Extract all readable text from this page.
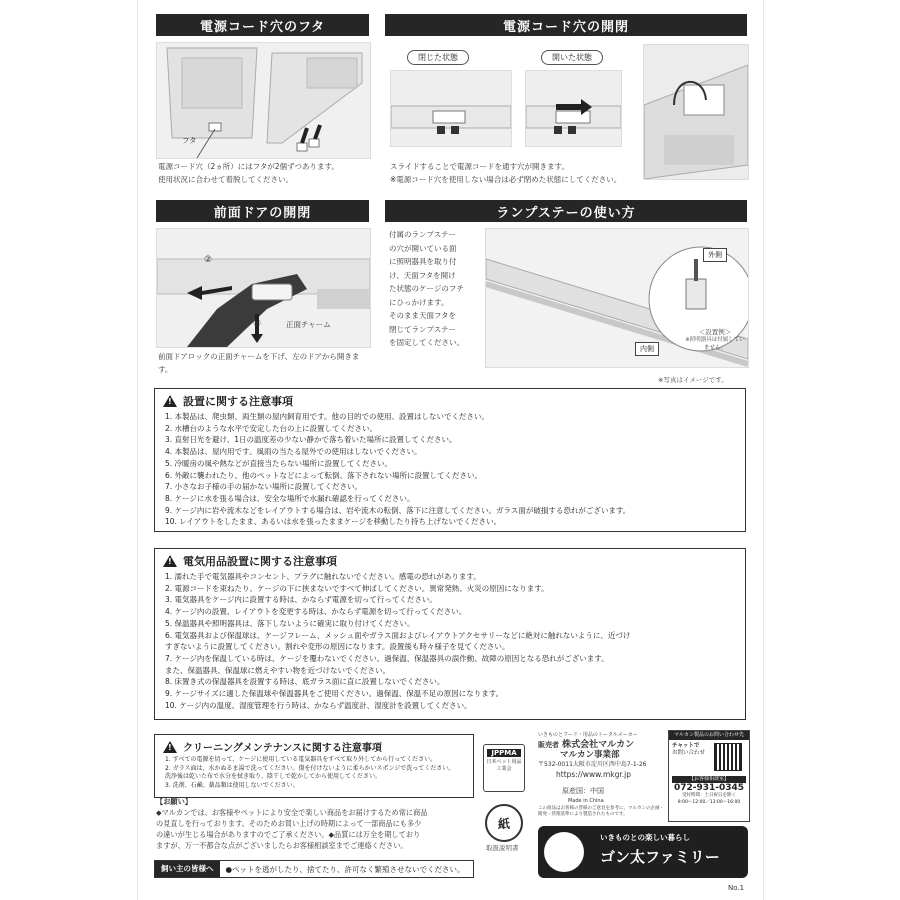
電源コード穴のフタ
フタ
電源コード穴（2ヵ所）にはフタが2個ずつあります。
使用状況に合わせて着脱してください。
電源コード穴の開閉
閉じた状態	開いた状態
スライドすることで電源コードを通す穴が開きます。
※電源コード穴を使用しない場合は必ず閉めた状態にしてください。
前面ドアの開閉
②
①	正面チャーム
前面ドアロックの正面チャームを下げ、左のドアから開きます。
ランプステーの使い方
付属のランプステー
の穴が開いている面
に照明器具を取り付
け、天面フタを開け
た状態のケージのフチ
にひっかけます。
そのまま天面フタを
閉じてランプステー
を固定してください。
外側
内側
＜設置例＞
※照明器具は付属していません。
※写真はイメージです。
!
設置に関する注意事項
1. 本製品は、爬虫類、両生類の屋内飼育用です。他の目的での使用、設置はしないでください。
2. 水槽台のような水平で安定した台の上に設置してください。
3. 直射日光を避け、1日の温度差の少ない静かで落ち着いた場所に設置してください。
4. 本製品は、屋内用です。風雨の当たる屋外での使用はしないでください。
5. 冷暖房の風や熱などが直接当たらない場所に設置してください。
6. 外敵に襲われたり、他のペットなどによって転倒、落下されない場所に設置してください。
7. 小さなお子様の手の届かない場所に設置してください。
8. ケージに水を張る場合は、安全な場所で水漏れ確認を行ってください。
9. ケージ内に岩や流木などをレイアウトする場合は、岩や流木の転倒、落下に注意してください。ガラス面が破損する恐れがございます。
10. レイアウトをしたまま、あるいは水を張ったままケージを移動したり持ち上げないでください。
!
電気用品設置に関する注意事項
1. 濡れた手で電気器具やコンセント、プラグに触れないでください。感電の恐れがあります。
2. 電源コードを束ねたり、ケージの下に挟まないですべて伸ばしてください。異常発熱、火災の原因になります。
3. 電気器具をケージ内に設置する時は、かならず電源を切って行ってください。
4. ケージ内の設置、レイアウトを変更する時は、かならず電源を切って行ってください。
5. 保温器具や照明器具は、落下しないように確実に取り付けてください。
6. 電気器具および保温球は、ケージフレーム、メッシュ面やガラス面およびレイアウトアクセサリーなどに絶対に触れないように、近づけ
すぎないように設置してください。割れや変形の原因になります。設置後も時々様子を見てください。
7. ケージ内を保温している時は、ケージを覆わないでください。過保温、保温器具の誤作動、故障の原因となる恐れがございます。
また、保温器具、保温球に燃えやすい物を近づけないでください。
8. 床置き式の保温器具を設置する時は、底ガラス面に直に設置しないでください。
9. ケージサイズに適した保温球や保温器具をご使用ください。過保温、保温不足の原因になります。
10. ケージ内の温度、湿度管理を行う時は、かならず温度計、湿度計を設置してください。
!
クリーニングメンテナンスに関する注意事項
1. すべての電源を切って、ケージに使用している電気器具をすべて取り外してから行ってください。
2. ガラス面は、水かぬるま湯で洗ってください。傷を付けないように柔らかいスポンジで洗ってください。
洗浄後は乾いた布で水分を拭き取り、陰干しで乾かしてから使用してください。
3. 洗剤、石鹸、薬品類は使用しないでください。
【お願い】
◆マルカンでは、お客様やペットにより安全で楽しい商品をお届けするため常に商品
の見直しを行っております。そのためお買い上げの時期によって一部商品にも多少
の違いが生じる場合がありますのでご了承ください。◆品質には万全を期しており
ますが、万一不都合な点がございましたらお客様相談室までご連絡ください。
飼い主の皆様へ	●ペットを逃がしたり、捨てたり、許可なく繁殖させないでください。
JPPMA
日本ペット用品工業会
紙
取扱説明書
いきものとフード・用品のトータルメーカー
販売者 株式会社マルカン
マルカン事業部
〒532-0011大阪市淀川区西中島7-1-26
https://www.mkgr.jp
原産国：中国
Made in China
この商品はお客様の皆様のご意見を参考に、マルカンの企画・開発・管理基準により製造されたものです。
マルカン製品のお問い合わせ先
チャットで
お問い合わせ
【お客様相談室】
072-931-0345
受付時間：土日祝日を除く
9:00～12:00／13:00～16:00
いきものとの楽しい暮らし
ゴン太ファミリー
No.1
